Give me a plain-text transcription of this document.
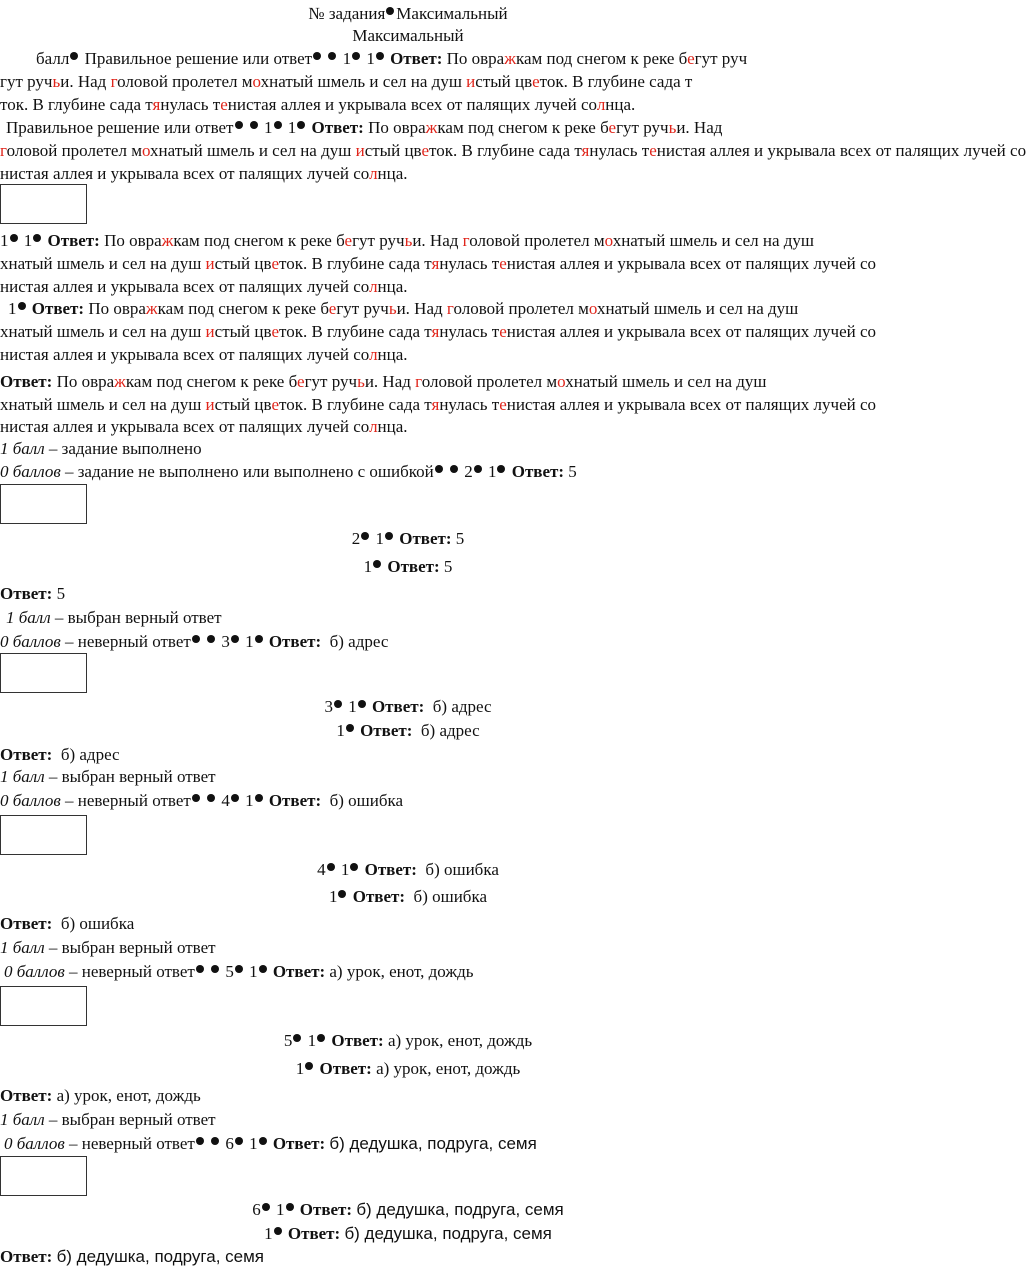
№ задания Максимальный
Максимальный
балл Правильное решение или ответ 1 1 Ответ: По овражкам под снегом к реке бегут руч
гут ручьи. Над головой пролетел мохнатый шмель и сел на душ истый цветок. В глубине сада т
ток. В глубине сада тянулась тенистая аллея и укрывала всех от палящих лучей солнца.
Правильное решение или ответ 1 1 Ответ: По овражкам под снегом к реке бегут ручьи. Над
головой пролетел мохнатый шмель и сел на душ истый цветок. В глубине сада тянулась тенистая аллея и укрывала всех от палящих лучей со
нистая аллея и укрывала всех от палящих лучей солнца.
1 1 Ответ: По овражкам под снегом к реке бегут ручьи. Над головой пролетел мохнатый шмель и сел на душ
хнатый шмель и сел на душ истый цветок. В глубине сада тянулась тенистая аллея и укрывала всех от палящих лучей со
нистая аллея и укрывала всех от палящих лучей солнца.
1 Ответ: По овражкам под снегом к реке бегут ручьи. Над головой пролетел мохнатый шмель и сел на душ
хнатый шмель и сел на душ истый цветок. В глубине сада тянулась тенистая аллея и укрывала всех от палящих лучей со
нистая аллея и укрывала всех от палящих лучей солнца.
Ответ: По овражкам под снегом к реке бегут ручьи. Над головой пролетел мохнатый шмель и сел на душ
хнатый шмель и сел на душ истый цветок. В глубине сада тянулась тенистая аллея и укрывала всех от палящих лучей со
нистая аллея и укрывала всех от палящих лучей солнца.
1 балл – задание выполнено
0 баллов – задание не выполнено или выполнено с ошибкой 2 1 Ответ: 5
2 1 Ответ: 5
1 Ответ: 5
Ответ: 5
1 балл – выбран верный ответ
0 баллов – неверный ответ 3 1 Ответ: б) адрес
3 1 Ответ: б) адрес
1 Ответ: б) адрес
Ответ: б) адрес
1 балл – выбран верный ответ
0 баллов – неверный ответ 4 1 Ответ: б) ошибка
4 1 Ответ: б) ошибка
1 Ответ: б) ошибка
Ответ: б) ошибка
1 балл – выбран верный ответ
0 баллов – неверный ответ 5 1 Ответ: а) урок, енот, дождь
5 1 Ответ: а) урок, енот, дождь
1 Ответ: а) урок, енот, дождь
Ответ: а) урок, енот, дождь
1 балл – выбран верный ответ
0 баллов – неверный ответ 6 1 Ответ: б) дедушка, подруга, семя
6 1 Ответ: б) дедушка, подруга, семя
1 Ответ: б) дедушка, подруга, семя
Ответ: б) дедушка, подруга, семя
